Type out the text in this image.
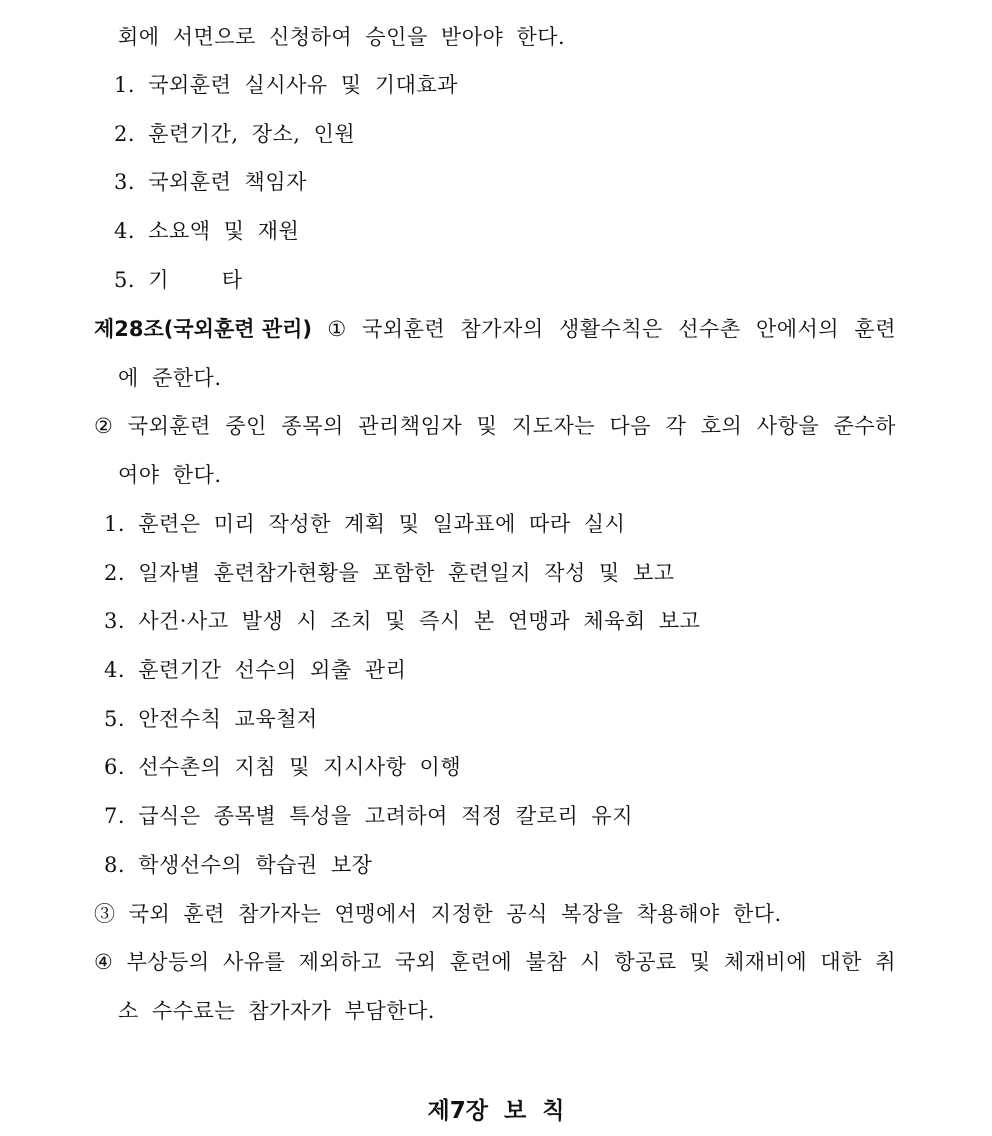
회에 서면으로 신청하여 승인을 받아야 한다.
1. 국외훈련 실시사유 및 기대효과
2. 훈련기간, 장소, 인원
3. 국외훈련 책임자
4. 소요액 및 재원
5. 기    타
제28조(국외훈련 관리) ① 국외훈련 참가자의 생활수칙은 선수촌 안에서의 훈련
에 준한다.
② 국외훈련 중인 종목의 관리책임자 및 지도자는 다음 각 호의 사항을 준수하
여야 한다.
1. 훈련은 미리 작성한 계획 및 일과표에 따라 실시
2. 일자별 훈련참가현황을 포함한 훈련일지 작성 및 보고
3. 사건·사고 발생 시 조치 및 즉시 본 연맹과 체육회 보고
4. 훈련기간 선수의 외출 관리
5. 안전수칙 교육철저
6. 선수촌의 지침 및 지시사항 이행
7. 급식은 종목별 특성을 고려하여 적정 칼로리 유지
8. 학생선수의 학습권 보장
③ 국외 훈련 참가자는 연맹에서 지정한 공식 복장을 착용해야 한다.
④ 부상등의 사유를 제외하고 국외 훈련에 불참 시 항공료 및 체재비에 대한 취
소 수수료는 참가자가 부담한다.
제7장 보 칙
